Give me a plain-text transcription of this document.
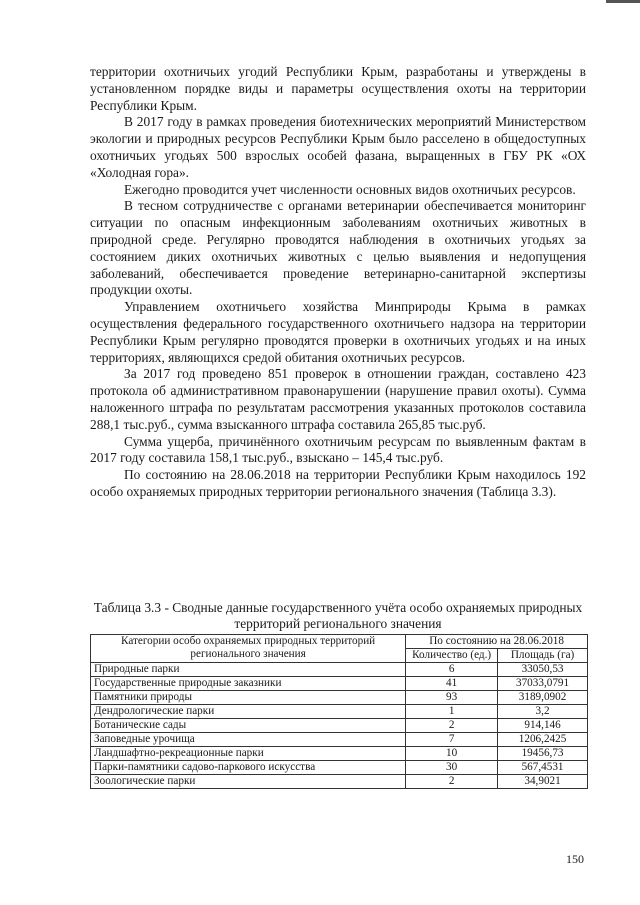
территории охотничьих угодий Республики Крым, разработаны и утверждены в установленном порядке виды и параметры осуществления охоты на территории Республики Крым.

В 2017 году в рамках проведения биотехнических мероприятий Министерством экологии и природных ресурсов Республики Крым было расселено в общедоступных охотничьих угодьях 500 взрослых особей фазана, выращенных в ГБУ РК «ОХ «Холодная гора».

Ежегодно проводится учет численности основных видов охотничьих ресурсов.

В тесном сотрудничестве с органами ветеринарии обеспечивается мониторинг ситуации по опасным инфекционным заболеваниям охотничьих животных в природной среде. Регулярно проводятся наблюдения в охотничьих угодьях за состоянием диких охотничьих животных с целью выявления и недопущения заболеваний, обеспечивается проведение ветеринарно-санитарной экспертизы продукции охоты.

Управлением охотничьего хозяйства Минприроды Крыма в рамках осуществления федерального государственного охотничьего надзора на территории Республики Крым регулярно проводятся проверки в охотничьих угодьях и на иных территориях, являющихся средой обитания охотничьих ресурсов.

За 2017 год проведено 851 проверок в отношении граждан, составлено 423 протокола об административном правонарушении (нарушение правил охоты). Сумма наложенного штрафа по результатам рассмотрения указанных протоколов составила 288,1 тыс.руб., сумма взысканного штрафа составила 265,85 тыс.руб.

Сумма ущерба, причинённого охотничьим ресурсам по выявленным фактам в 2017 году составила 158,1 тыс.руб., взыскано – 145,4 тыс.руб.

По состоянию на 28.06.2018 на территории Республики Крым находилось 192 особо охраняемых природных территории регионального значения (Таблица 3.3).

Таблица 3.3 - Сводные данные государственного учёта особо охраняемых природных территорий регионального значения
Категории особо охраняемых природных территорий регионального значения	По состоянию на 28.06.2018	
	Количество (ед.)	Площадь (га)
Природные парки	6	33050,53
Государственные природные заказники	41	37033,0791
Памятники природы	93	3189,0902
Дендрологические парки	1	3,2
Ботанические сады	2	914,146
Заповедные урочища	7	1206,2425
Ландшафтно-рекреационные парки	10	19456,73
Парки-памятники садово-паркового искусства	30	567,4531
Зоологические парки	2	34,9021
150
